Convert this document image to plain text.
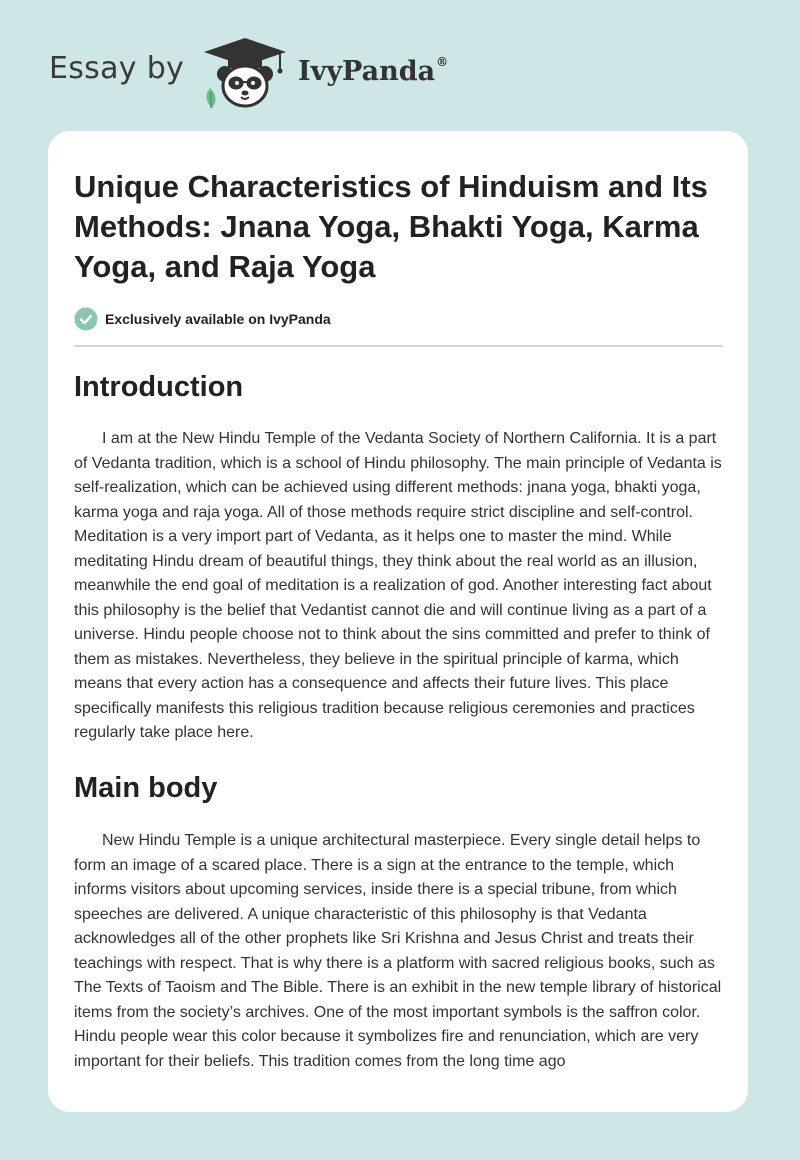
Essay by	IvyPanda®
Unique Characteristics of Hinduism and Its Methods: Jnana Yoga, Bhakti Yoga, Karma Yoga, and Raja Yoga
Exclusively available on IvyPanda
Introduction

I am at the New Hindu Temple of the Vedanta Society of Northern California. It is a part of Vedanta tradition, which is a school of Hindu philosophy. The main principle of Vedanta is self-realization, which can be achieved using different methods: jnana yoga, bhakti yoga, karma yoga and raja yoga. All of those methods require strict discipline and self-control. Meditation is a very import part of Vedanta, as it helps one to master the mind. While meditating Hindu dream of beautiful things, they think about the real world as an illusion, meanwhile the end goal of meditation is a realization of god. Another interesting fact about this philosophy is the belief that Vedantist cannot die and will continue living as a part of a universe. Hindu people choose not to think about the sins committed and prefer to think of them as mistakes. Nevertheless, they believe in the spiritual principle of karma, which means that every action has a consequence and affects their future lives. This place specifically manifests this religious tradition because religious ceremonies and practices regularly take place here.

Main body

New Hindu Temple is a unique architectural masterpiece. Every single detail helps to form an image of a scared place. There is a sign at the entrance to the temple, which informs visitors about upcoming services, inside there is a special tribune, from which speeches are delivered. A unique characteristic of this philosophy is that Vedanta acknowledges all of the other prophets like Sri Krishna and Jesus Christ and treats their teachings with respect. That is why there is a platform with sacred religious books, such as The Texts of Taoism and The Bible. There is an exhibit in the new temple library of historical items from the society’s archives. One of the most important symbols is the saffron color. Hindu people wear this color because it symbolizes fire and renunciation, which are very important for their beliefs. This tradition comes from the long time ago
